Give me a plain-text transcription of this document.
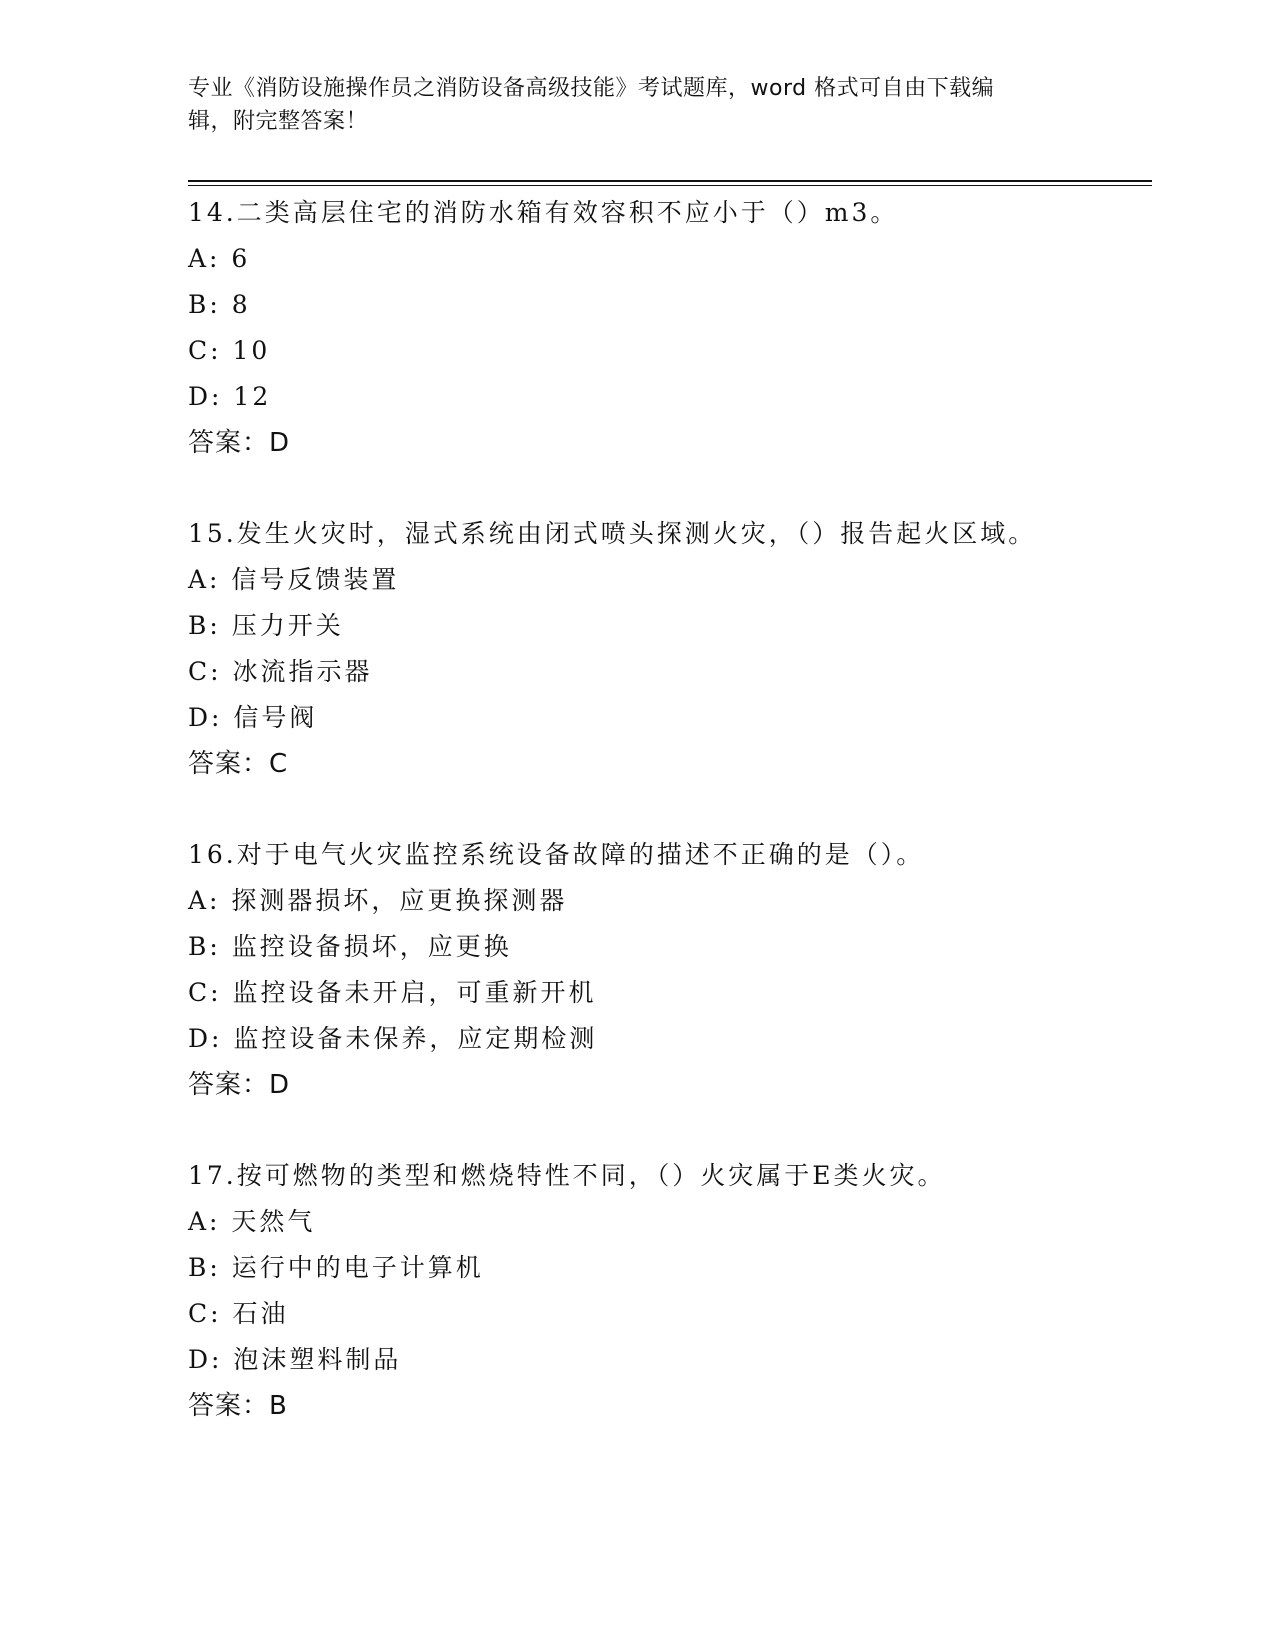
专业《消防设施操作员之消防设备高级技能》考试题库，word 格式可自由下载编
辑，附完整答案！
14.二类高层住宅的消防水箱有效容积不应小于（）m3。
A: 6
B: 8
C: 10
D: 12
答案：D
15.发生火灾时，湿式系统由闭式喷头探测火灾，（）报告起火区域。
A: 信号反馈装置
B: 压力开关
C: 冰流指示器
D: 信号阀
答案：C
16.对于电气火灾监控系统设备故障的描述不正确的是（）。
A: 探测器损坏，应更换探测器
B: 监控设备损坏，应更换
C: 监控设备未开启，可重新开机
D: 监控设备未保养，应定期检测
答案：D
17.按可燃物的类型和燃烧特性不同，（）火灾属于E类火灾。
A: 天然气
B: 运行中的电子计算机
C: 石油
D: 泡沫塑料制品
答案：B
